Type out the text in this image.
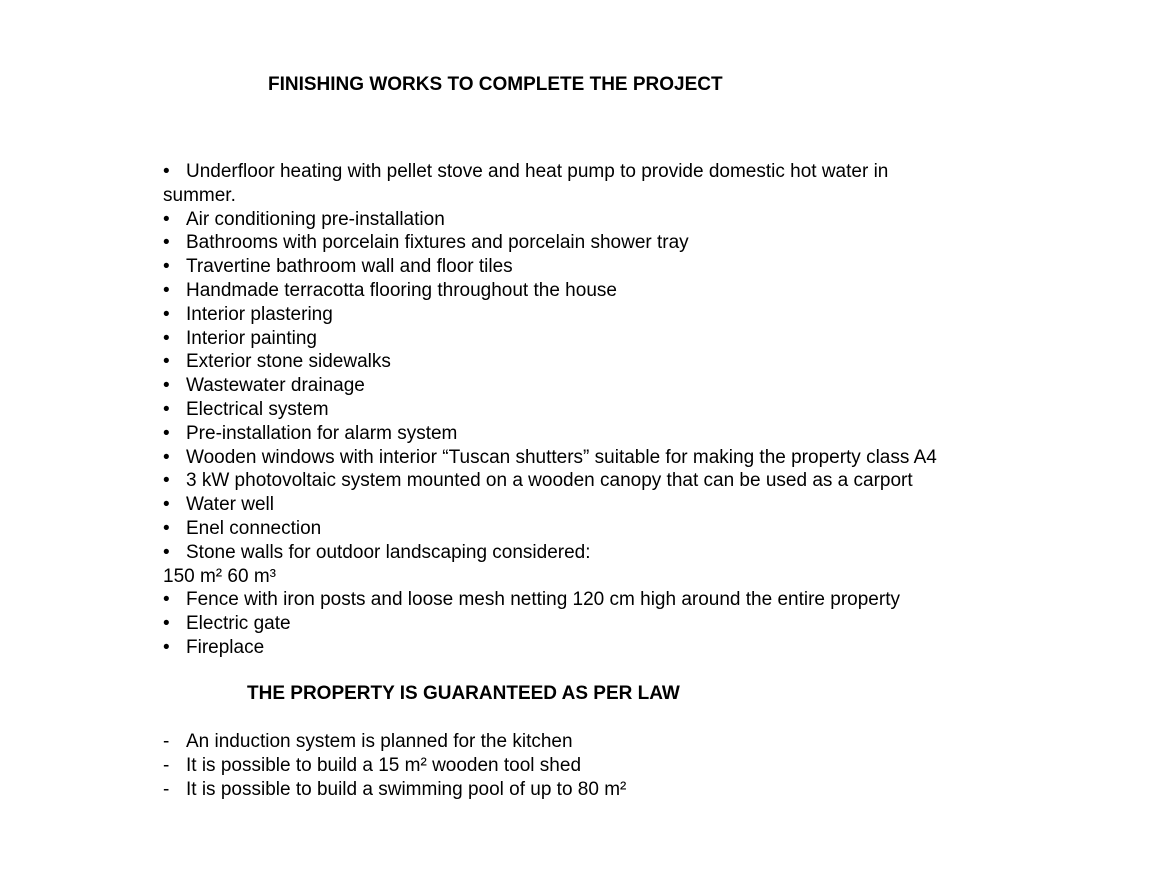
FINISHING WORKS TO COMPLETE THE PROJECT
• Underfloor heating with pellet stove and heat pump to provide domestic hot water in
summer.
• Air conditioning pre-installation
• Bathrooms with porcelain fixtures and porcelain shower tray
• Travertine bathroom wall and floor tiles
• Handmade terracotta flooring throughout the house
• Interior plastering
• Interior painting
• Exterior stone sidewalks
• Wastewater drainage
• Electrical system
• Pre-installation for alarm system
• Wooden windows with interior “Tuscan shutters” suitable for making the property class A4
• 3 kW photovoltaic system mounted on a wooden canopy that can be used as a carport
• Water well
• Enel connection
• Stone walls for outdoor landscaping considered:
150 m² 60 m³
• Fence with iron posts and loose mesh netting 120 cm high around the entire property
• Electric gate
• Fireplace
THE PROPERTY IS GUARANTEED AS PER LAW
- An induction system is planned for the kitchen
- It is possible to build a 15 m² wooden tool shed
- It is possible to build a swimming pool of up to 80 m²
